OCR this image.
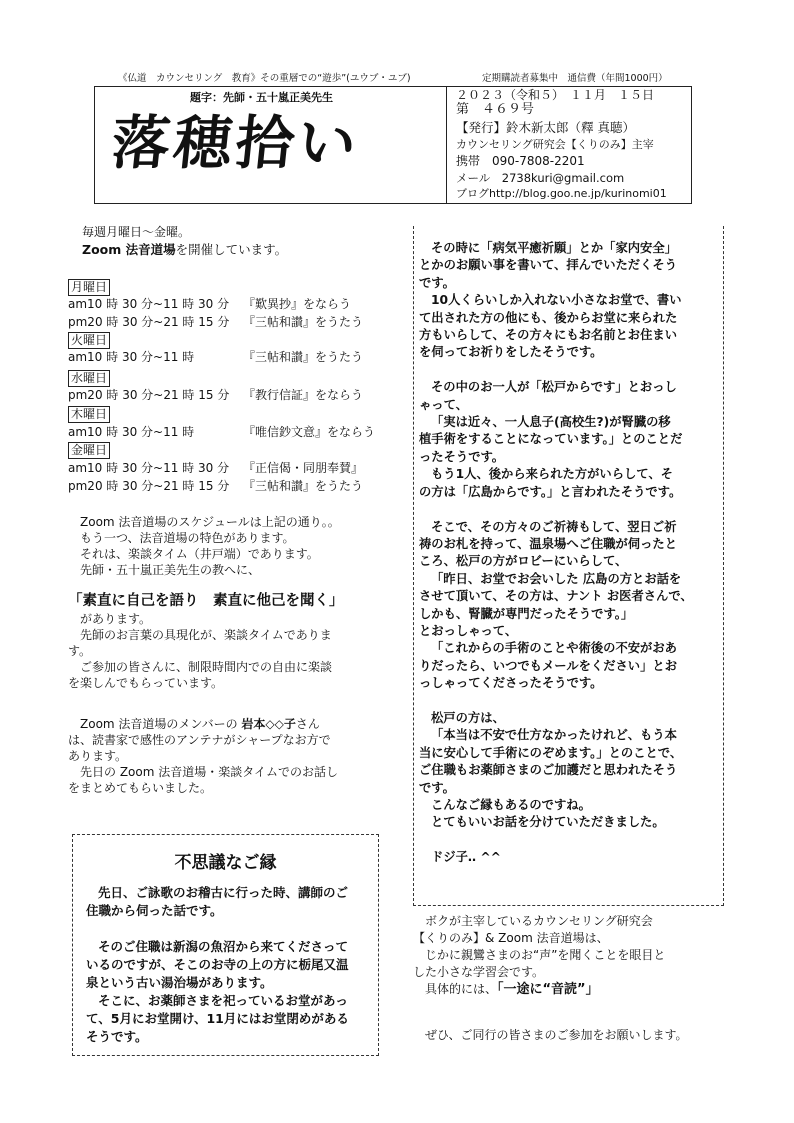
《仏道　カウンセリング　教育》その重層での“遊歩”(ユウブ・ユブ)	定期購読者募集中　通信費（年間1000円）
題字：先師・五十嵐正美先生
落穂拾い
２０２３（令和５）　１１月　１５日
第　４６９号
【発行】鈴木新太郎（釋 真聴）
カウンセリング研究会【くりのみ】主宰
携帯　090-7808-2201
メール　2738kuri@gmail.com
ブログhttp://blog.goo.ne.jp/kurinomi01
毎週月曜日～金曜。
Zoom 法音道場を開催しています。
月曜日
am10 時 30 分~11 時 30 分 『歎異抄』をならう
pm20 時 30 分~21 時 15 分 『三帖和讃』をうたう
火曜日
am10 時 30 分~11 時	『三帖和讃』をうたう
水曜日
pm20 時 30 分~21 時 15 分 『教行信証』をならう
木曜日
am10 時 30 分~11 時	『唯信鈔文意』をならう
金曜日
am10 時 30 分~11 時 30 分 『正信偈・同朋奉賛』
pm20 時 30 分~21 時 15 分 『三帖和讃』をうたう

Zoom 法音道場のスケジュールは上記の通り。。

もう一つ、法音道場の特色があります。

それは、楽談タイム（井戸端）であります。

先師・五十嵐正美先生の教へに、

「素直に自己を語り　素直に他己を聞く」

があります。

先師のお言葉の具現化が、楽談タイムでありま

す。

ご参加の皆さんに、制限時間内での自由に楽談

を楽しんでもらっています。

Zoom 法音道場のメンバーの 岩本◇◇子さん

は、読書家で感性のアンテナがシャープなお方で

あります。

先日の Zoom 法音道場・楽談タイムでのお話し

をまとめてもらいました。

不思議なご縁

先日、ご詠歌のお稽古に行った時、講師のご

住職から伺った話です。

そのご住職は新潟の魚沼から来てくださって

いるのですが、そこのお寺の上の方に栃尾又温

泉という古い湯治場があります。

そこに、お薬師さまを祀っているお堂があっ

て、5月にお堂開け、11月にはお堂閉めがある

そうです。

その時に「病気平癒祈願」とか「家内安全」

とかのお願い事を書いて、拝んでいただくそう

です。

10人くらいしか入れない小さなお堂で、書い

て出された方の他にも、後からお堂に来られた

方もいらして、その方々にもお名前とお住まい

を伺ってお祈りをしたそうです。

その中のお一人が「松戸からです」とおっし

ゃって、

「実は近々、一人息子(高校生?)が腎臓の移

植手術をすることになっています。」とのことだ

ったそうです。

もう1人、後から来られた方がいらして、そ

の方は「広島からです。」と言われたそうです。

そこで、その方々のご祈祷もして、翌日ご祈

祷のお札を持って、温泉場へご住職が伺ったと

ころ、松戸の方がロビーにいらして、

「昨日、お堂でお会いした 広島の方とお話を

させて頂いて、その方は、ナント お医者さんで、

しかも、腎臓が専門だったそうです。」

とおっしゃって、

「これからの手術のことや術後の不安がおあ

りだったら、いつでもメールをください」とお

っしゃってくださったそうです。

松戸の方は、

「本当は不安で仕方なかったけれど、もう本

当に安心して手術にのぞめます。」とのことで、

ご住職もお薬師さまのご加護だと思われたそう

です。

こんなご縁もあるのですね。

とてもいいお話を分けていただきました。

ドジ子‥ ^^

ボクが主宰しているカウンセリング研究会

【くりのみ】& Zoom 法音道場は、

じかに親鸞さまのお“声”を聞くことを眼目と

した小さな学習会です。

具体的には、「一途に“音読”」

ぜひ、ご同行の皆さまのご参加をお願いします。
